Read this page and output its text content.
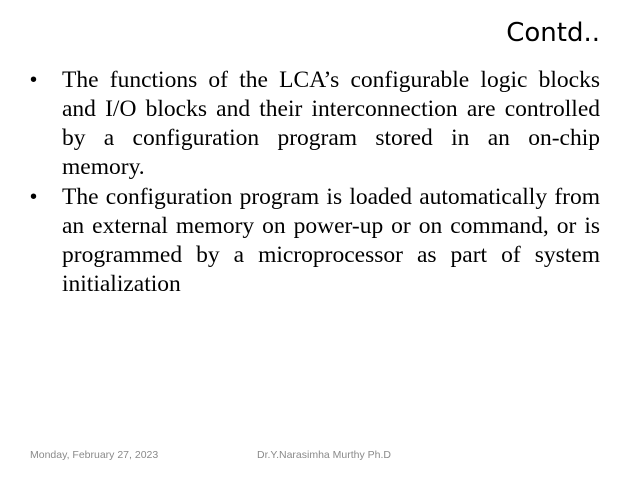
Contd..
•	The functions of the LCA’s configurable logic blocks and I/O blocks and their interconnection are controlled by a configuration program stored in an on-chip memory.
•	The configuration program is loaded automatically from an external memory on power-up or on command, or is programmed by a microprocessor as part of system initialization
Monday, February 27, 2023	Dr.Y.Narasimha Murthy Ph.D
